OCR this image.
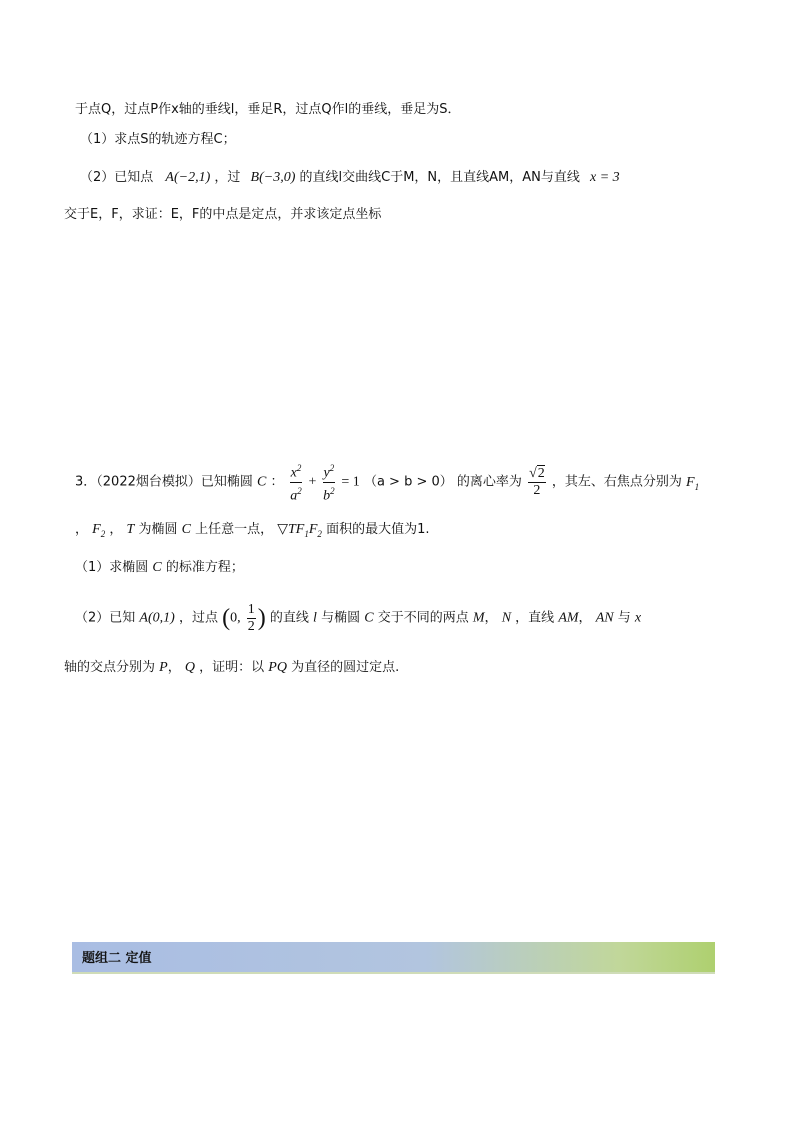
于点Q，过点P作x轴的垂线l，垂足R，过点Q作l的垂线，垂足为S．
（1）求点S的轨迹方程C；
（2）已知点 A(−2,1) ，过 B(−3,0) 的直线l交曲线C于M，N，且直线AM，AN与直线 x = 3
交于E，F，求证：E，F的中点是定点，并求该定点坐标
3．（2022烟台模拟）已知椭圆 C ： $\frac{x^2}{a^2} + \frac{y^2}{b^2} = 1$ （a > b > 0） 的离心率为 $\frac{√2}{2}$ ，其左、右焦点分别为 $F_1$
， $F_2$ ， T 为椭圆 C 上任意一点， $▽TF_1F_2$ 面积的最大值为1.
（1）求椭圆 C 的标准方程；
（2）已知 A(0,1) ，过点 (0, $\frac{1}{2}$ ) 的直线 l 与椭圆 C 交于不同的两点 M， N ，直线 AM， AN 与 x
轴的交点分别为 P， Q ，证明：以 PQ 为直径的圆过定点.
题组二 定值
